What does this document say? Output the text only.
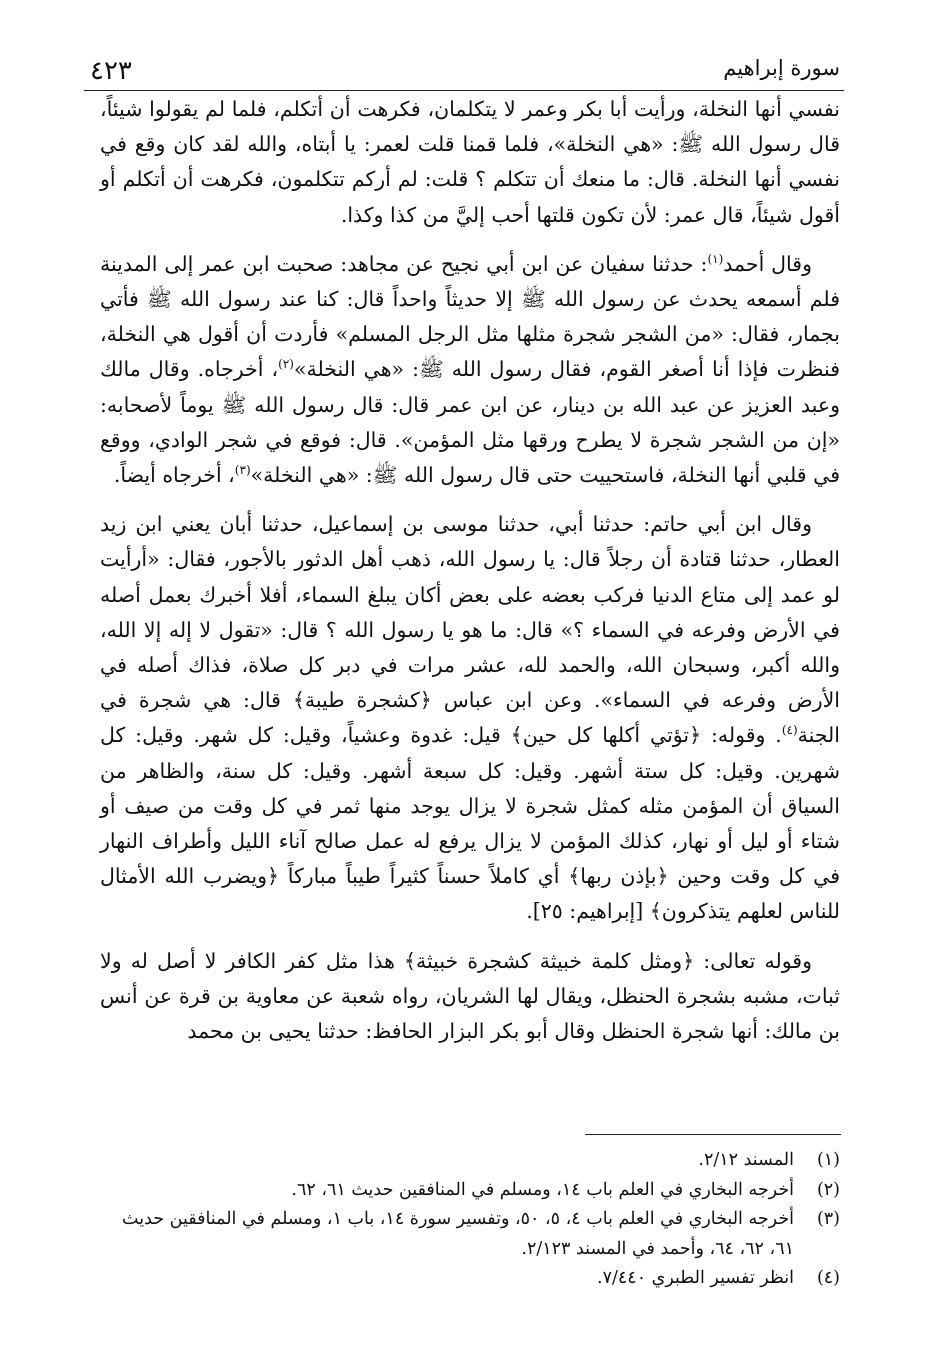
٤٢٣	سورة إبراهيم

نفسي أنها النخلة، ورأيت أبا بكر وعمر لا يتكلمان، فكرهت أن أتكلم، فلما لم يقولوا شيئاً، قال رسول الله ﷺ: «هي النخلة»، فلما قمنا قلت لعمر: يا أبتاه، والله لقد كان وقع في نفسي أنها النخلة. قال: ما منعك أن تتكلم ؟ قلت: لم أركم تتكلمون، فكرهت أن أتكلم أو أقول شيئاً، قال عمر: لأن تكون قلتها أحب إليَّ من كذا وكذا.

وقال أحمد$^{(١)}$: حدثنا سفيان عن ابن أبي نجيح عن مجاهد: صحبت ابن عمر إلى المدينة فلم أسمعه يحدث عن رسول الله ﷺ إلا حديثاً واحداً قال: كنا عند رسول الله ﷺ فأتي بجمار، فقال: «من الشجر شجرة مثلها مثل الرجل المسلم» فأردت أن أقول هي النخلة، فنظرت فإذا أنا أصغر القوم، فقال رسول الله ﷺ: «هي النخلة»$^{(٢)}$، أخرجاه. وقال مالك وعبد العزيز عن عبد الله بن دينار، عن ابن عمر قال: قال رسول الله ﷺ يوماً لأصحابه: «إن من الشجر شجرة لا يطرح ورقها مثل المؤمن». قال: فوقع في شجر الوادي، ووقع في قلبي أنها النخلة، فاستحييت حتى قال رسول الله ﷺ: «هي النخلة»$^{(٣)}$، أخرجاه أيضاً.

وقال ابن أبي حاتم: حدثنا أبي، حدثنا موسى بن إسماعيل، حدثنا أبان يعني ابن زيد العطار، حدثنا قتادة أن رجلاً قال: يا رسول الله، ذهب أهل الدثور بالأجور، فقال: «أرأيت لو عمد إلى متاع الدنيا فركب بعضه على بعض أكان يبلغ السماء، أفلا أخبرك بعمل أصله في الأرض وفرعه في السماء ؟» قال: ما هو يا رسول الله ؟ قال: «تقول لا إله إلا الله، والله أكبر، وسبحان الله، والحمد لله، عشر مرات في دبر كل صلاة، فذاك أصله في الأرض وفرعه في السماء». وعن ابن عباس ﴿كشجرة طيبة﴾ قال: هي شجرة في الجنة$^{(٤)}$. وقوله: ﴿تؤتي أكلها كل حين﴾ قيل: غدوة وعشياً، وقيل: كل شهر. وقيل: كل شهرين. وقيل: كل ستة أشهر. وقيل: كل سبعة أشهر. وقيل: كل سنة، والظاهر من السياق أن المؤمن مثله كمثل شجرة لا يزال يوجد منها ثمر في كل وقت من صيف أو شتاء أو ليل أو نهار، كذلك المؤمن لا يزال يرفع له عمل صالح آناء الليل وأطراف النهار في كل وقت وحين ﴿بإذن ربها﴾ أي كاملاً حسناً كثيراً طيباً مباركاً ﴿ويضرب الله الأمثال للناس لعلهم يتذكرون﴾ [إبراهيم: ٢٥].

وقوله تعالى: ﴿ومثل كلمة خبيثة كشجرة خبيثة﴾ هذا مثل كفر الكافر لا أصل له ولا ثبات، مشبه بشجرة الحنظل، ويقال لها الشريان، رواه شعبة عن معاوية بن قرة عن أنس بن مالك: أنها شجرة الحنظل وقال أبو بكر البزار الحافظ: حدثنا يحيى بن محمد

(١)
المسند ٢/١٢.

(٢)
أخرجه البخاري في العلم باب ١٤، ومسلم في المنافقين حديث ٦١، ٦٢.

(٣)
أخرجه البخاري في العلم باب ٤، ٥، ٥٠، وتفسير سورة ١٤، باب ١، ومسلم في المنافقين حديث ٦١، ٦٢، ٦٤، وأحمد في المسند ٢/١٢٣.

(٤)
انظر تفسير الطبري ٧/٤٤٠.
